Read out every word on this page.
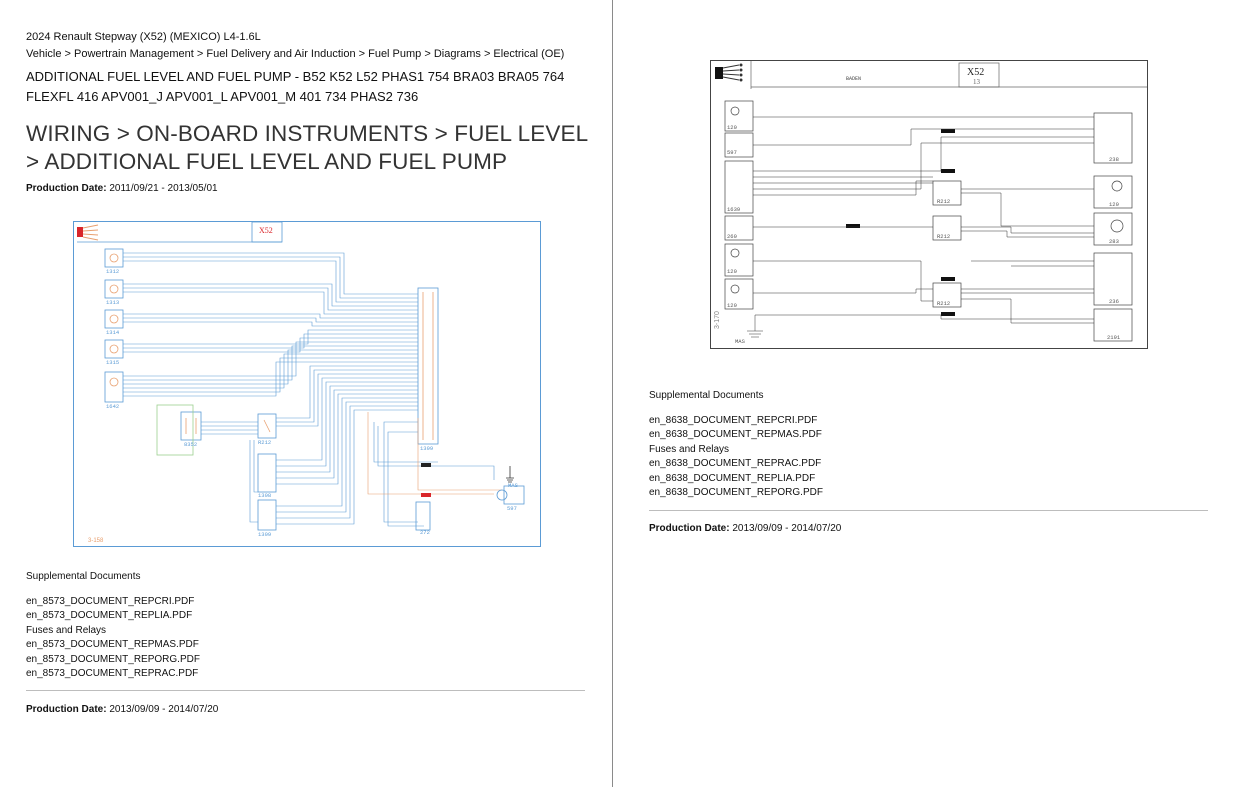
2024 Renault Stepway (X52) (MEXICO) L4-1.6L
Vehicle > Powertrain Management > Fuel Delivery and Air Induction > Fuel Pump > Diagrams > Electrical (OE)
ADDITIONAL FUEL LEVEL AND FUEL PUMP - B52 K52 L52 PHAS1 754 BRA03 BRA05 764 FLEXFL 416 APV001_J APV001_L APV001_M 401 734 PHAS2 736
WIRING > ON-BOARD INSTRUMENTS > FUEL LEVEL > ADDITIONAL FUEL LEVEL AND FUEL PUMP
Production Date: 2011/09/21 - 2013/05/01
X52
1312
1313
1314
1315
1642
8352	R212
1308
1309
1399
597
272
MAS
3-158
Supplemental Documents
en_8573_DOCUMENT_REPCRI.PDF
en_8573_DOCUMENT_REPLIA.PDF
Fuses and Relays
en_8573_DOCUMENT_REPMAS.PDF
en_8573_DOCUMENT_REPORG.PDF
en_8573_DOCUMENT_REPRAC.PDF
Production Date: 2013/09/09 - 2014/07/20
X52
13
BADEN
120
597
1639
260
120
120
MAS
R212
R212
R212
238
120
283
236
2191
3-170
Supplemental Documents
en_8638_DOCUMENT_REPCRI.PDF
en_8638_DOCUMENT_REPMAS.PDF
Fuses and Relays
en_8638_DOCUMENT_REPRAC.PDF
en_8638_DOCUMENT_REPLIA.PDF
en_8638_DOCUMENT_REPORG.PDF
Production Date: 2013/09/09 - 2014/07/20
